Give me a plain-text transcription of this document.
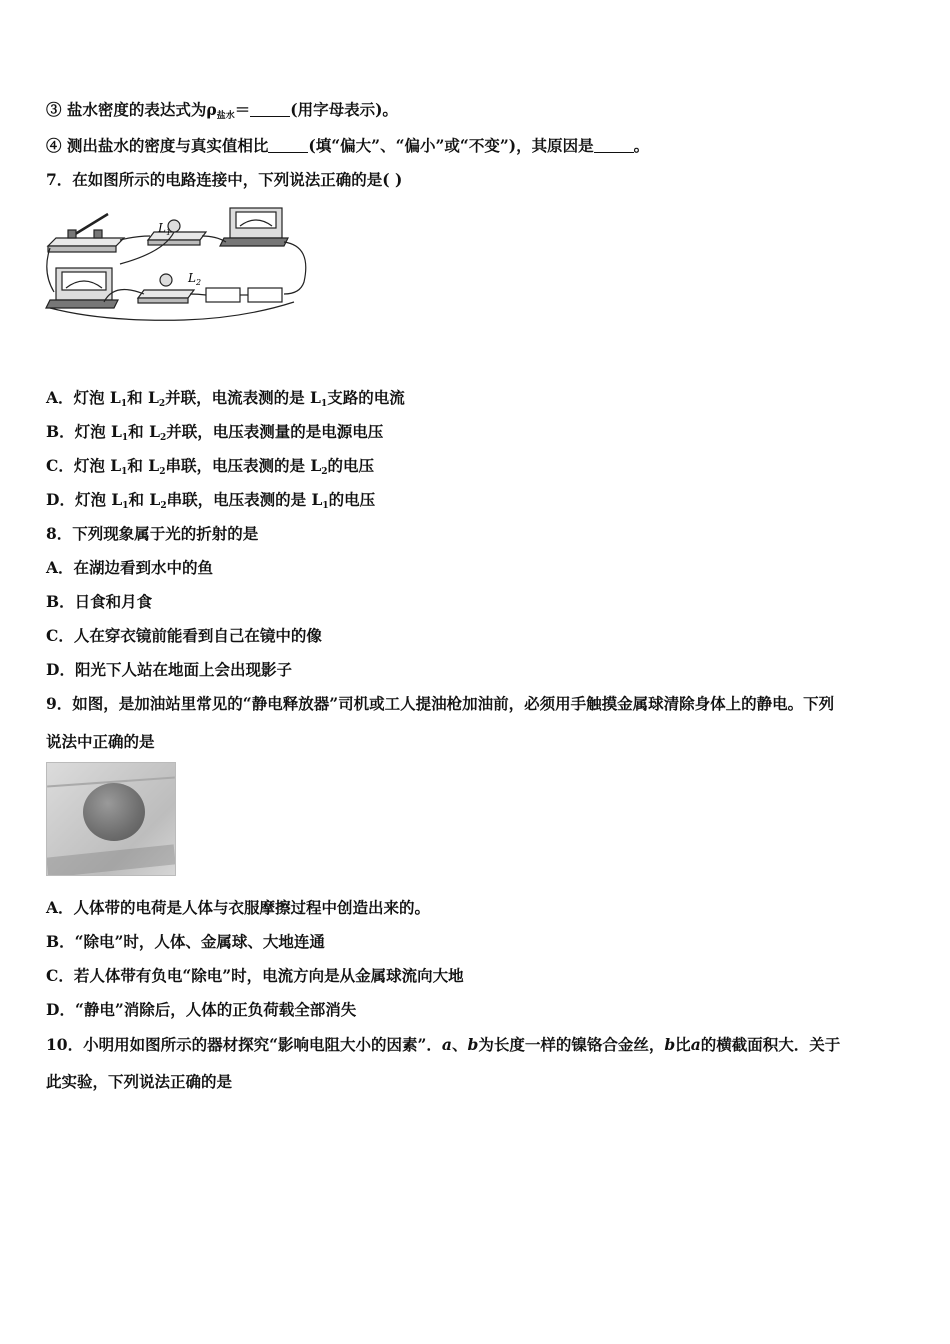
③ 盐水密度的表达式为$\rho_{盐水}=$	(用字母表示)。
④ 测出盐水的密度与真实值相比	(填“偏大”、“偏小”或“不变”)，其原因是	。
7．在如图所示的电路连接中，下列说法正确的是( )
$L_1$
$L_2$
A．灯泡 $L_1$和 $L_2$并联，电流表测的是 $L_1$支路的电流
B．灯泡 $L_1$和 $L_2$并联，电压表测量的是电源电压
C．灯泡 $L_1$和 $L_2$串联，电压表测的是 $L_2$的电压
D．灯泡 $L_1$和 $L_2$串联，电压表测的是 $L_1$的电压
8．下列现象属于光的折射的是
A．在湖边看到水中的鱼
B．日食和月食
C．人在穿衣镜前能看到自己在镜中的像
D．阳光下人站在地面上会出现影子
9．如图，是加油站里常见的“静电释放器”司机或工人提油枪加油前，必须用手触摸金属球清除身体上的静电。下列
说法中正确的是
A．人体带的电荷是人体与衣服摩擦过程中创造出来的。
B．“除电”时，人体、金属球、大地连通
C．若人体带有负电“除电”时，电流方向是从金属球流向大地
D．“静电”消除后，人体的正负荷载全部消失
10．小明用如图所示的器材探究“影响电阻大小的因素”．a、b为长度一样的镍铬合金丝，b比a的横截面积大．关于
此实验，下列说法正确的是
